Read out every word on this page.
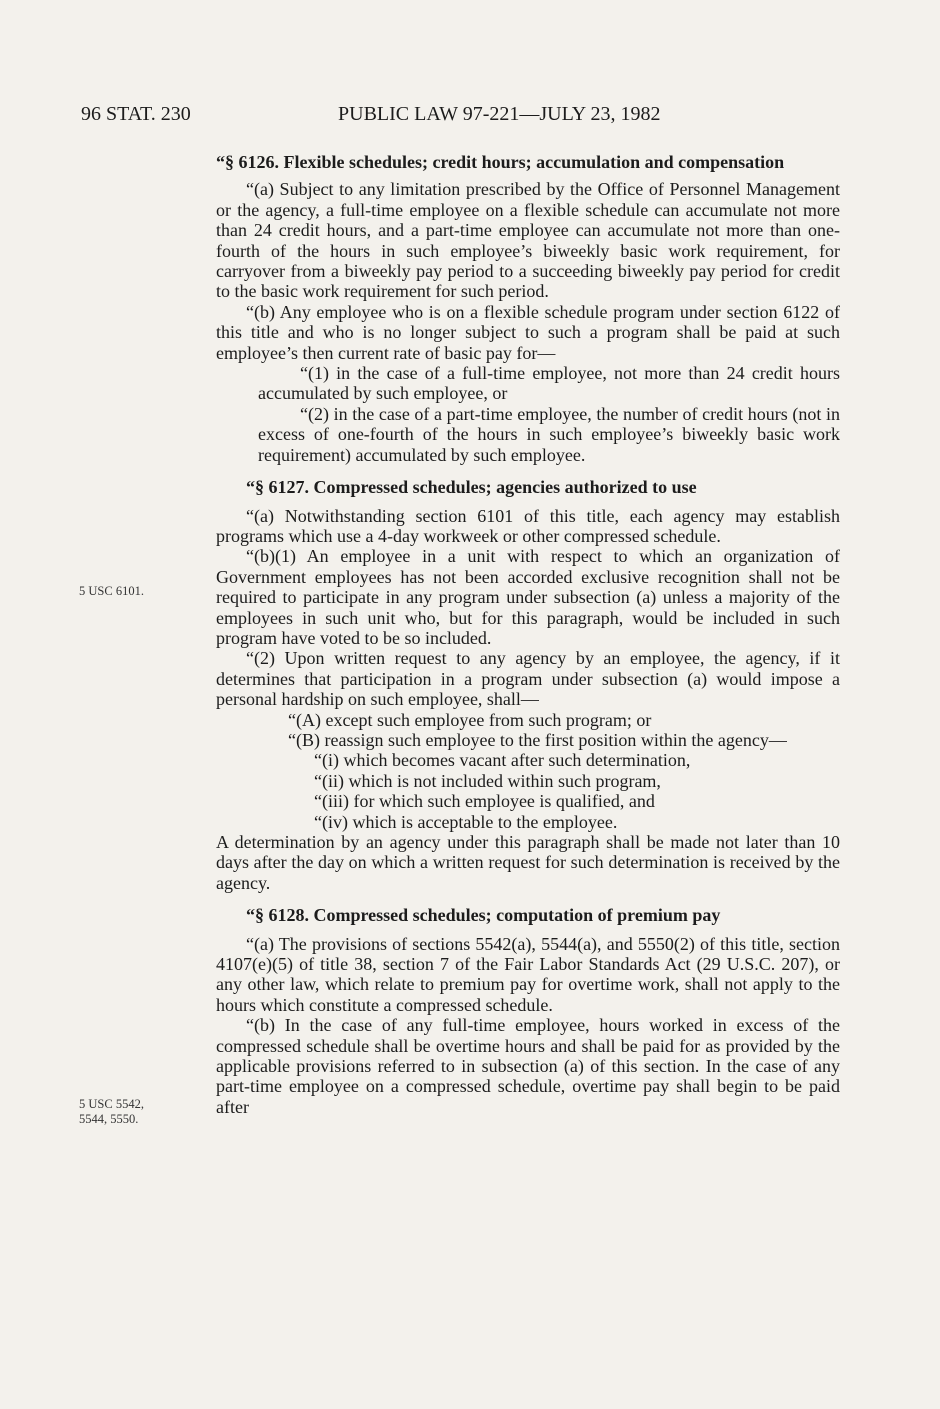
96 STAT. 230	PUBLIC LAW 97-221—JULY 23, 1982
5 USC 6101.
5 USC 5542,
5544, 5550.

“§ 6126. Flexible schedules; credit hours; accumulation and compensation

“(a) Subject to any limitation prescribed by the Office of Personnel Management or the agency, a full-time employee on a flexible schedule can accumulate not more than 24 credit hours, and a part-time employee can accumulate not more than one-fourth of the hours in such employee’s biweekly basic work requirement, for carryover from a biweekly pay period to a succeeding biweekly pay period for credit to the basic work requirement for such period.

“(b) Any employee who is on a flexible schedule program under section 6122 of this title and who is no longer subject to such a program shall be paid at such employee’s then current rate of basic pay for—

“(1) in the case of a full-time employee, not more than 24 credit hours accumulated by such employee, or

“(2) in the case of a part-time employee, the number of credit hours (not in excess of one-fourth of the hours in such employee’s biweekly basic work requirement) accumulated by such employee.

“§ 6127. Compressed schedules; agencies authorized to use

“(a) Notwithstanding section 6101 of this title, each agency may establish programs which use a 4-day workweek or other compressed schedule.

“(b)(1) An employee in a unit with respect to which an organization of Government employees has not been accorded exclusive recognition shall not be required to participate in any program under subsection (a) unless a majority of the employees in such unit who, but for this paragraph, would be included in such program have voted to be so included.

“(2) Upon written request to any agency by an employee, the agency, if it determines that participation in a program under subsection (a) would impose a personal hardship on such employee, shall—

“(A) except such employee from such program; or

“(B) reassign such employee to the first position within the agency—

“(i) which becomes vacant after such determination,

“(ii) which is not included within such program,

“(iii) for which such employee is qualified, and

“(iv) which is acceptable to the employee.

A determination by an agency under this paragraph shall be made not later than 10 days after the day on which a written request for such determination is received by the agency.

“§ 6128. Compressed schedules; computation of premium pay

“(a) The provisions of sections 5542(a), 5544(a), and 5550(2) of this title, section 4107(e)(5) of title 38, section 7 of the Fair Labor Standards Act (29 U.S.C. 207), or any other law, which relate to premium pay for overtime work, shall not apply to the hours which constitute a compressed schedule.

“(b) In the case of any full-time employee, hours worked in excess of the compressed schedule shall be overtime hours and shall be paid for as provided by the applicable provisions referred to in subsection (a) of this section. In the case of any part-time employee on a compressed schedule, overtime pay shall begin to be paid after
